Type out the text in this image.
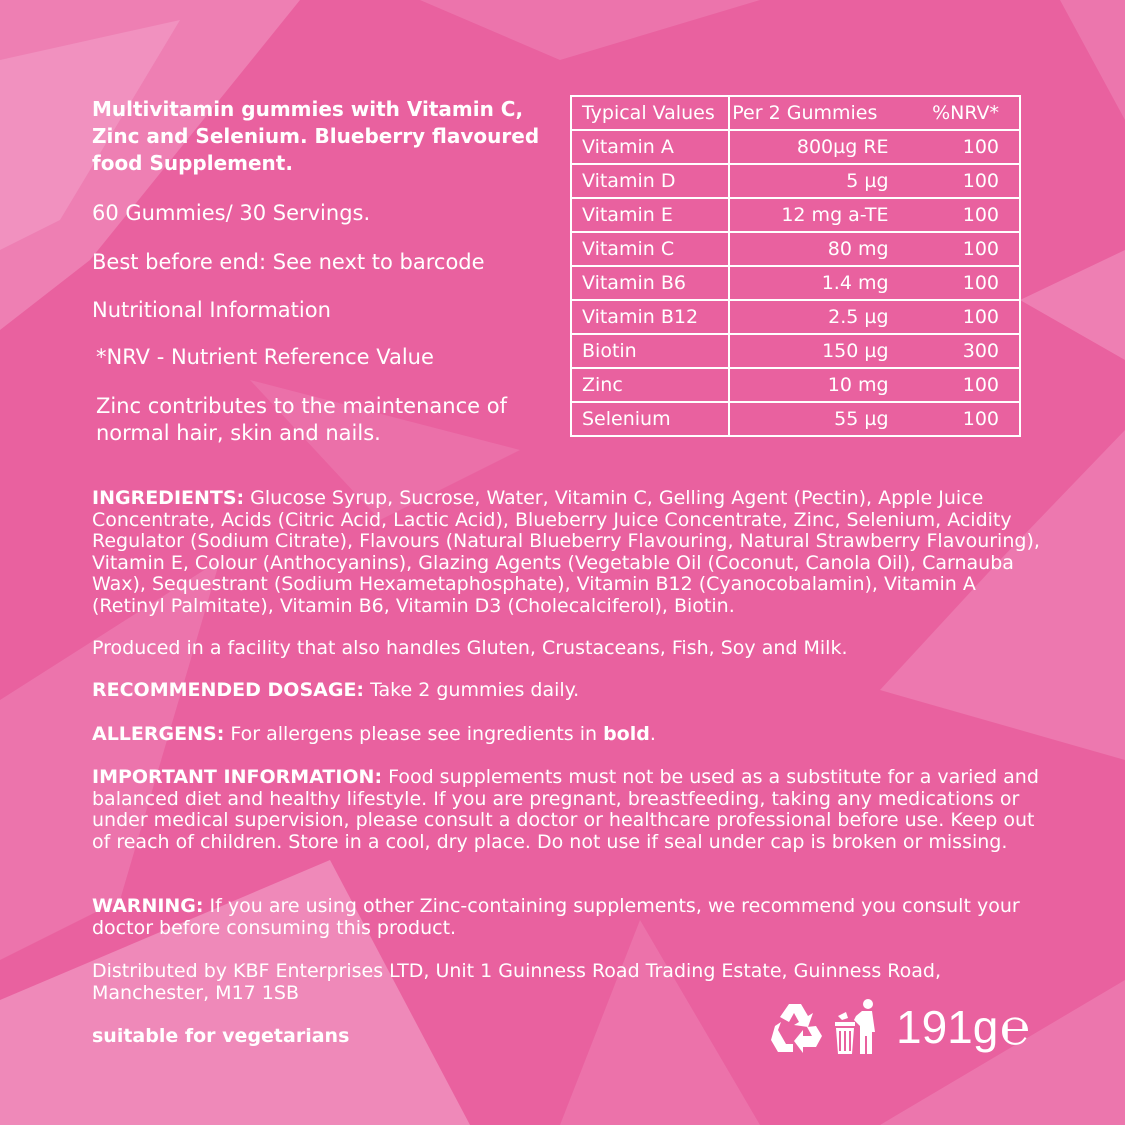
Multivitamin gummies with Vitamin C, Zinc and Selenium. Blueberry flavoured food Supplement.
60 Gummies/ 30 Servings.
Best before end: See next to barcode
Nutritional Information
*NRV - Nutrient Reference Value
Zinc contributes to the maintenance of normal hair, skin and nails.
Typical Values	Per 2 Gummies	%NRV*
Vitamin A	800µg RE	100
Vitamin D	5 µg	100
Vitamin E	12 mg a-TE	100
Vitamin C	80 mg	100
Vitamin B6	1.4 mg	100
Vitamin B12	2.5 µg	100
Biotin	150 µg	300
Zinc	10 mg	100
Selenium	55 µg	100
INGREDIENTS: Glucose Syrup, Sucrose, Water, Vitamin C, Gelling Agent (Pectin), Apple Juice Concentrate, Acids (Citric Acid, Lactic Acid), Blueberry Juice Concentrate, Zinc, Selenium, Acidity Regulator (Sodium Citrate), Flavours (Natural Blueberry Flavouring, Natural Strawberry Flavouring), Vitamin E, Colour (Anthocyanins), Glazing Agents (Vegetable Oil (Coconut, Canola Oil), Carnauba Wax), Sequestrant (Sodium Hexametaphosphate), Vitamin B12 (Cyanocobalamin), Vitamin A (Retinyl Palmitate), Vitamin B6, Vitamin D3 (Cholecalciferol), Biotin.
Produced in a facility that also handles Gluten, Crustaceans, Fish, Soy and Milk.
RECOMMENDED DOSAGE: Take 2 gummies daily.
ALLERGENS: For allergens please see ingredients in bold.
IMPORTANT INFORMATION: Food supplements must not be used as a substitute for a varied and balanced diet and healthy lifestyle. If you are pregnant, breastfeeding, taking any medications or under medical supervision, please consult a doctor or healthcare professional before use. Keep out of reach of children. Store in a cool, dry place. Do not use if seal under cap is broken or missing.
WARNING: If you are using other Zinc-containing supplements, we recommend you consult your doctor before consuming this product.
Distributed by KBF Enterprises LTD, Unit 1 Guinness Road Trading Estate, Guinness Road, Manchester, M17 1SB
suitable for vegetarians	191g ℮
